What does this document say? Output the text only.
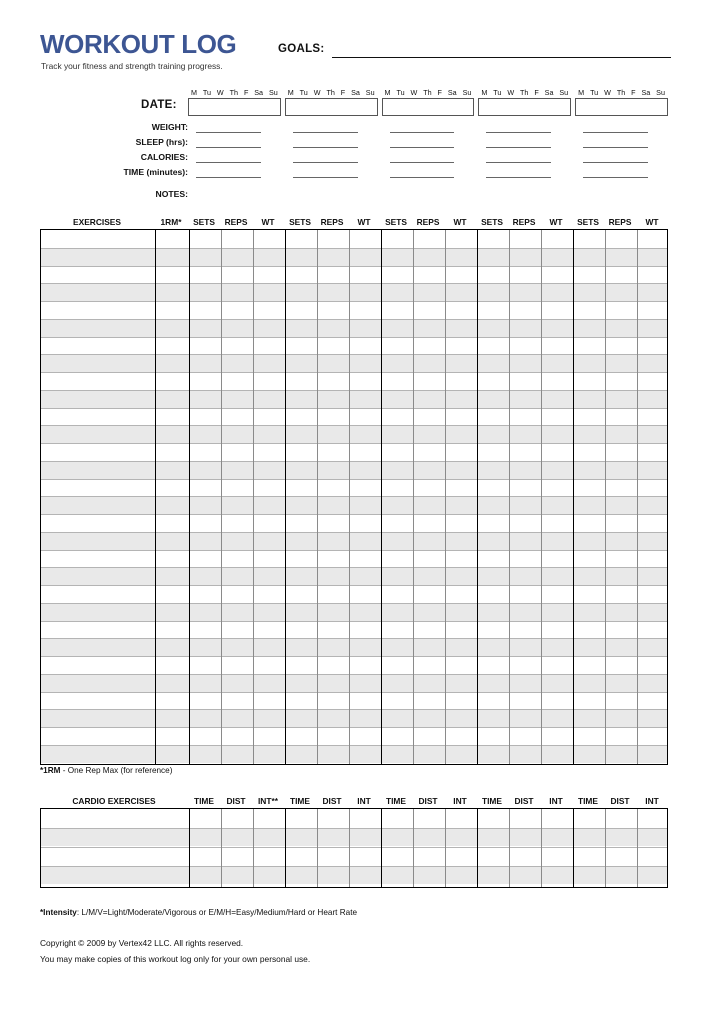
WORKOUT LOG
Track your fitness and strength training progress.
GOALS:
DATE:
M Tu W Th F Sa Su M Tu W Th F Sa Su M Tu W Th F Sa Su M Tu W Th F Sa Su M Tu W Th F Sa Su
WEIGHT:
SLEEP (hrs):
CALORIES:
TIME (minutes):
NOTES:
EXERCISES	1RM*	SETS	REPS	WT	SETS	REPS	WT	SETS	REPS	WT	SETS	REPS	WT	SETS	REPS	WT
*1RM - One Rep Max (for reference)
CARDIO EXERCISES	TIME	DIST	INT**	TIME	DIST	INT	TIME	DIST	INT	TIME	DIST	INT	TIME	DIST	INT
*Intensity: L/M/V=Light/Moderate/Vigorous or E/M/H=Easy/Medium/Hard or Heart Rate
Copyright © 2009 by Vertex42 LLC. All rights reserved.
You may make copies of this workout log only for your own personal use.
